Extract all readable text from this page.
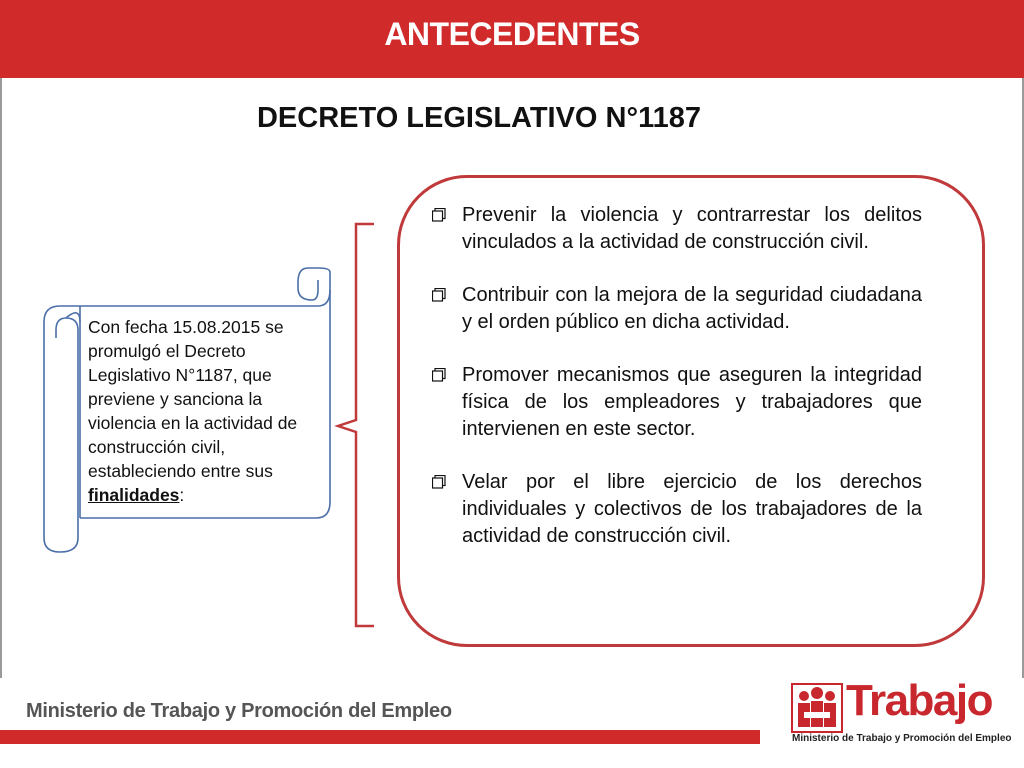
ANTECEDENTES
DECRETO LEGISLATIVO N°1187
Con fecha 15.08.2015 se promulgó el Decreto Legislativo N°1187, que previene y sanciona la violencia en la actividad de construcción civil, estableciendo entre sus finalidades:
Prevenir la violencia y contrarrestar los delitos vinculados a la actividad de construcción civil.
Contribuir con la mejora de la seguridad ciudadana y el orden público en dicha actividad.
Promover mecanismos que aseguren la integridad física de los empleadores y trabajadores que intervienen en este sector.
Velar por el libre ejercicio de los derechos individuales y colectivos de los trabajadores de la actividad de construcción civil.
Ministerio de Trabajo y Promoción del Empleo	Trabajo
Ministerio de Trabajo y Promoción del Empleo
